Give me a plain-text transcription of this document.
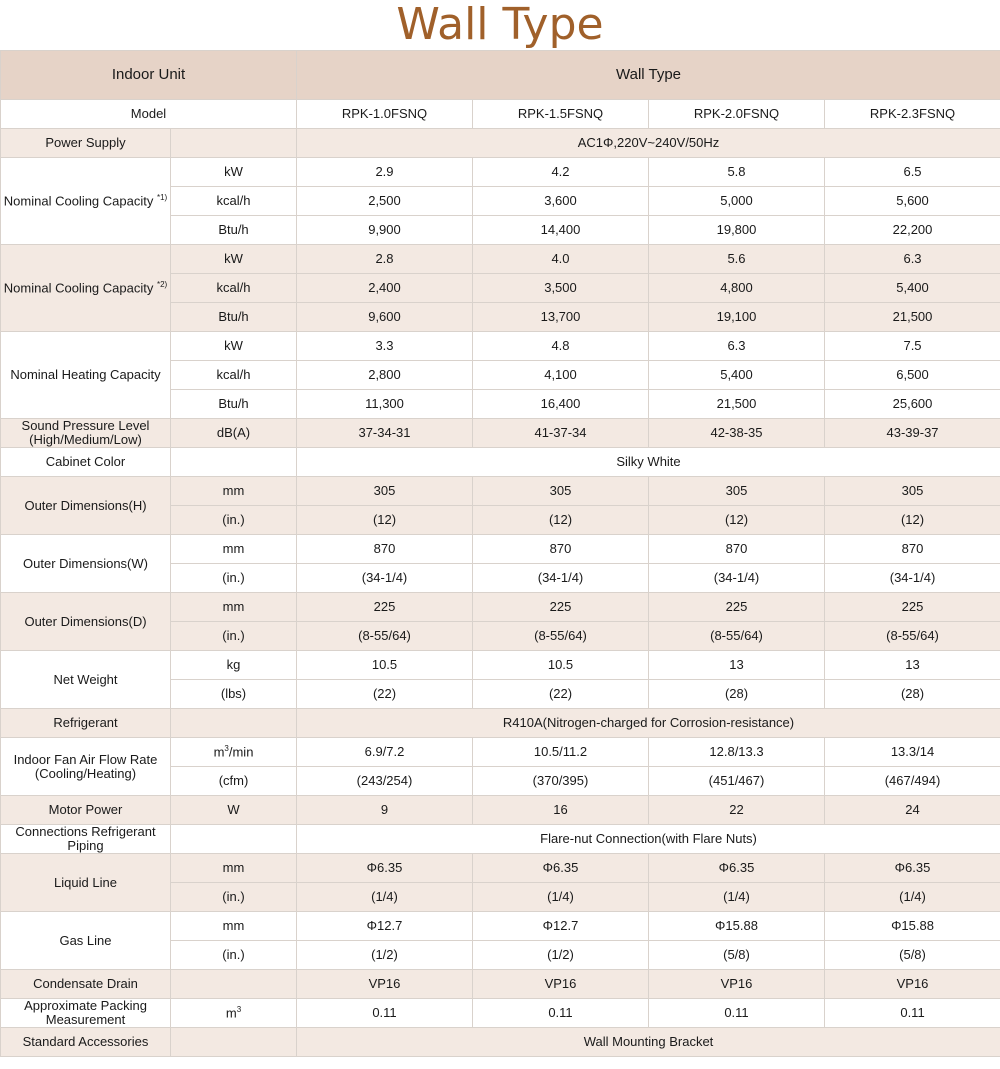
Wall Type
Indoor Unit		Wall Type			
Model		RPK-1.0FSNQ	RPK-1.5FSNQ	RPK-2.0FSNQ	RPK-2.3FSNQ
Power Supply		AC1Φ,220V~240V/50Hz			
Nominal Cooling Capacity $^{*1)}$	kW	2.9	4.2	5.8	6.5
	kcal/h	2,500	3,600	5,000	5,600
	Btu/h	9,900	14,400	19,800	22,200
Nominal Cooling Capacity $^{*2)}$	kW	2.8	4.0	5.6	6.3
	kcal/h	2,400	3,500	4,800	5,400
	Btu/h	9,600	13,700	19,100	21,500
Nominal Heating Capacity	kW	3.3	4.8	6.3	7.5
	kcal/h	2,800	4,100	5,400	6,500
	Btu/h	11,300	16,400	21,500	25,600
Sound Pressure Level
(High/Medium/Low)	dB(A)	37-34-31	41-37-34	42-38-35	43-39-37
Cabinet Color		Silky White			
Outer Dimensions(H)	mm	305	305	305	305
	(in.)	(12)	(12)	(12)	(12)
Outer Dimensions(W)	mm	870	870	870	870
	(in.)	(34-1/4)	(34-1/4)	(34-1/4)	(34-1/4)
Outer Dimensions(D)	mm	225	225	225	225
	(in.)	(8-55/64)	(8-55/64)	(8-55/64)	(8-55/64)
Net Weight	kg	10.5	10.5	13	13
	(lbs)	(22)	(22)	(28)	(28)
Refrigerant		R410A(Nitrogen-charged for Corrosion-resistance)			
Indoor Fan Air Flow Rate
(Cooling/Heating)	$m^3/\min$	6.9/7.2	10.5/11.2	12.8/13.3	13.3/14
	(cfm)	(243/254)	(370/395)	(451/467)	(467/494)
Motor Power	W	9	16	22	24
Connections Refrigerant
Piping		Flare-nut Connection(with Flare Nuts)			
Liquid Line	mm	Φ6.35	Φ6.35	Φ6.35	Φ6.35
	(in.)	(1/4)	(1/4)	(1/4)	(1/4)
Gas Line	mm	Φ12.7	Φ12.7	Φ15.88	Φ15.88
	(in.)	(1/2)	(1/2)	(5/8)	(5/8)
Condensate Drain		VP16	VP16	VP16	VP16
Approximate Packing
Measurement	$m^3$	0.11	0.11	0.11	0.11
Standard Accessories		Wall Mounting Bracket			
